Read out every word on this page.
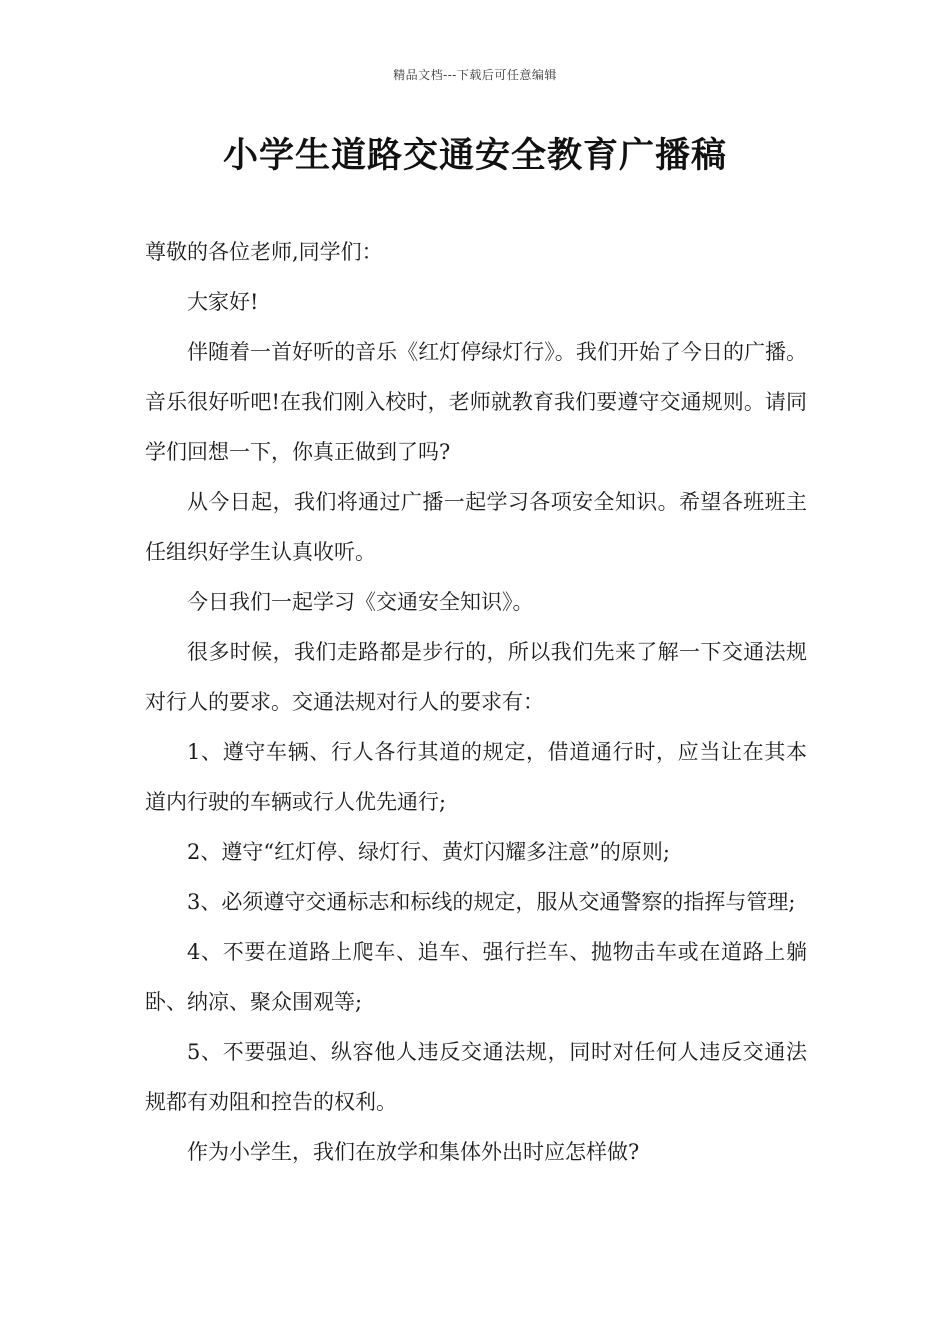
精品文档---下载后可任意编辑
小学生道路交通安全教育广播稿

尊敬的各位老师,同学们：

大家好!

伴随着一首好听的音乐《红灯停绿灯行》。我们开始了今日的广播。音乐很好听吧!在我们刚入校时，老师就教育我们要遵守交通规则。请同学们回想一下，你真正做到了吗?

从今日起，我们将通过广播一起学习各项安全知识。希望各班班主任组织好学生认真收听。

今日我们一起学习《交通安全知识》。

很多时候，我们走路都是步行的，所以我们先来了解一下交通法规对行人的要求。交通法规对行人的要求有：

1、遵守车辆、行人各行其道的规定，借道通行时，应当让在其本道内行驶的车辆或行人优先通行;

2、遵守“红灯停、绿灯行、黄灯闪耀多注意”的原则;

3、必须遵守交通标志和标线的规定，服从交通警察的指挥与管理;

4、不要在道路上爬车、追车、强行拦车、抛物击车或在道路上躺卧、纳凉、聚众围观等;

5、不要强迫、纵容他人违反交通法规，同时对任何人违反交通法规都有劝阻和控告的权利。

作为小学生，我们在放学和集体外出时应怎样做?
